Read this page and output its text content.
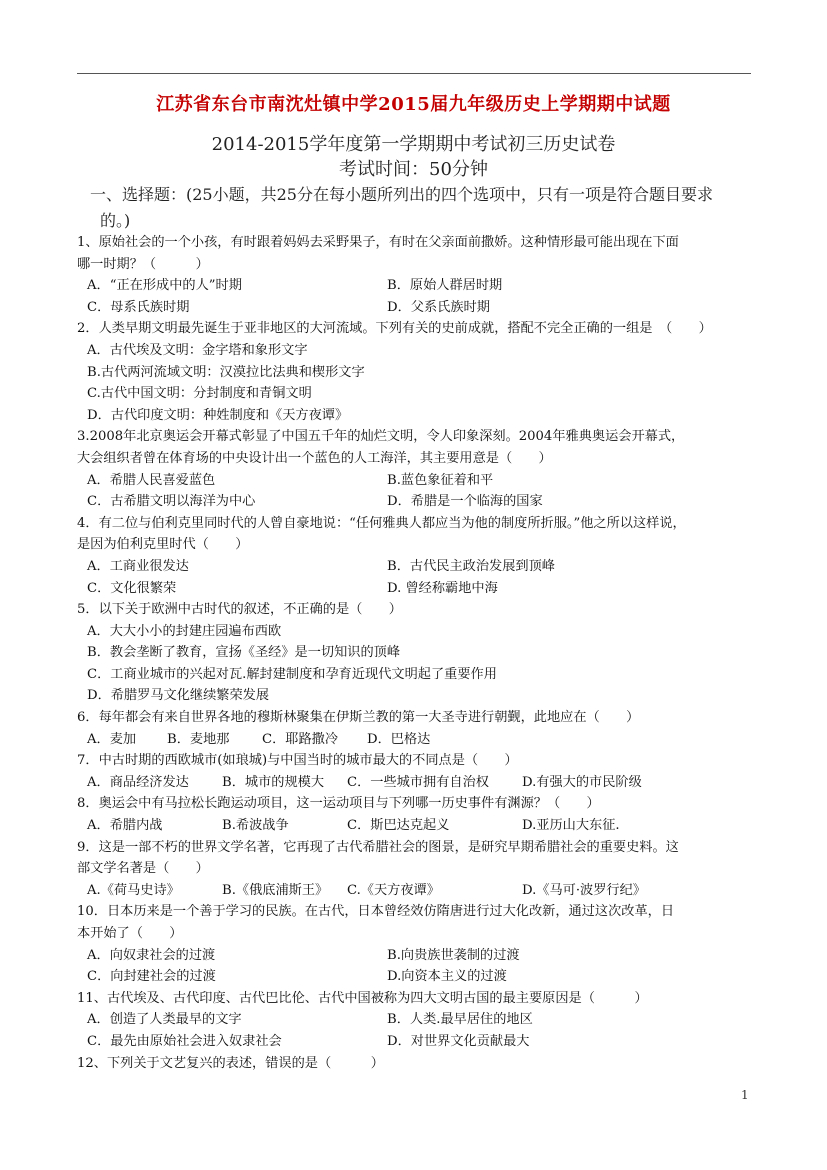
江苏省东台市南沈灶镇中学2015届九年级历史上学期期中试题
2014-2015学年度第一学期期中考试初三历史试卷
考试时间：50分钟
一、选择题：(25小题，共25分在每小题所列出的四个选项中，只有一项是符合题目要求
的。)
1、原始社会的一个小孩，有时跟着妈妈去采野果子，有时在父亲面前撒娇。这种情形最可能出现在下面
哪一时期？（　　　）
A．“正在形成中的人”时期	B．原始人群居时期
C．母系氏族时期	D．父系氏族时期
2．人类早期文明最先诞生于亚非地区的大河流域。下列有关的史前成就，搭配不完全正确的一组是　（　　）
A．古代埃及文明：金字塔和象形文字
B.古代两河流域文明：汉漠拉比法典和楔形文字
C.古代中国文明：分封制度和青铜文明
D．古代印度文明：种姓制度和《天方夜谭》
3.2008年北京奥运会开幕式彰显了中国五千年的灿烂文明，令人印象深刻。2004年雅典奥运会开幕式，
大会组织者曾在体育场的中央设计出一个蓝色的人工海洋，其主要用意是（　　）
A．希腊人民喜爱蓝色	B.蓝色象征着和平
C．古希腊文明以海洋为中心	D．希腊是一个临海的国家
4．有二位与伯利克里同时代的人曾自豪地说：“任何雅典人都应当为他的制度所折服。”他之所以这样说，
是因为伯利克里时代（　　）
A．工商业很发达	B．古代民主政治发展到顶峰
C．文化很繁荣	D. 曾经称霸地中海
5．以下关于欧洲中古时代的叙述，不正确的是（　　）
A．大大小小的封建庄园遍布西欧
B．教会垄断了教育，宣扬《圣经》是一切知识的顶峰
C．工商业城市的兴起对瓦.解封建制度和孕育近现代文明起了重要作用
D．希腊罗马文化继续繁荣发展
6．每年都会有来自世界各地的穆斯林聚集在伊斯兰教的第一大圣寺进行朝觐，此地应在（　　）
A．麦加	B．麦地那	C．耶路撒冷	D．巴格达
7．中古时期的西欧城市(如琅城)与中国当时的城市最大的不同点是（　　）
A．商品经济发达	B．城市的规模大	C．一些城市拥有自治权	D.有强大的市民阶级
8．奥运会中有马拉松长跑运动项目，这一运动项目与下列哪一历史事件有渊源？（　　）
A．希腊内战	B.希波战争	C．斯巴达克起义	D.亚历山大东征.
9．这是一部不朽的世界文学名著，它再现了古代希腊社会的图景，是研究早期希腊社会的重要史料。这
部文学名著是（　　）
A.《荷马史诗》	B.《俄底浦斯王》	C.《天方夜谭》	D.《马可·波罗行纪》
10．日本历来是一个善于学习的民族。在古代，日本曾经效仿隋唐进行过大化改新，通过这次改革，日
本开始了（　　）
A．向奴隶社会的过渡	B.向贵族世袭制的过渡
C．向封建社会的过渡	D.向资本主义的过渡
11、古代埃及、古代印度、古代巴比伦、古代中国被称为四大文明古国的最主要原因是（　　　）
A．创造了人类最早的文字	B．人类.最早居住的地区
C．最先由原始社会进入奴隶社会	D．对世界文化贡献最大
12、下列关于文艺复兴的表述，错误的是（　　　）
1
